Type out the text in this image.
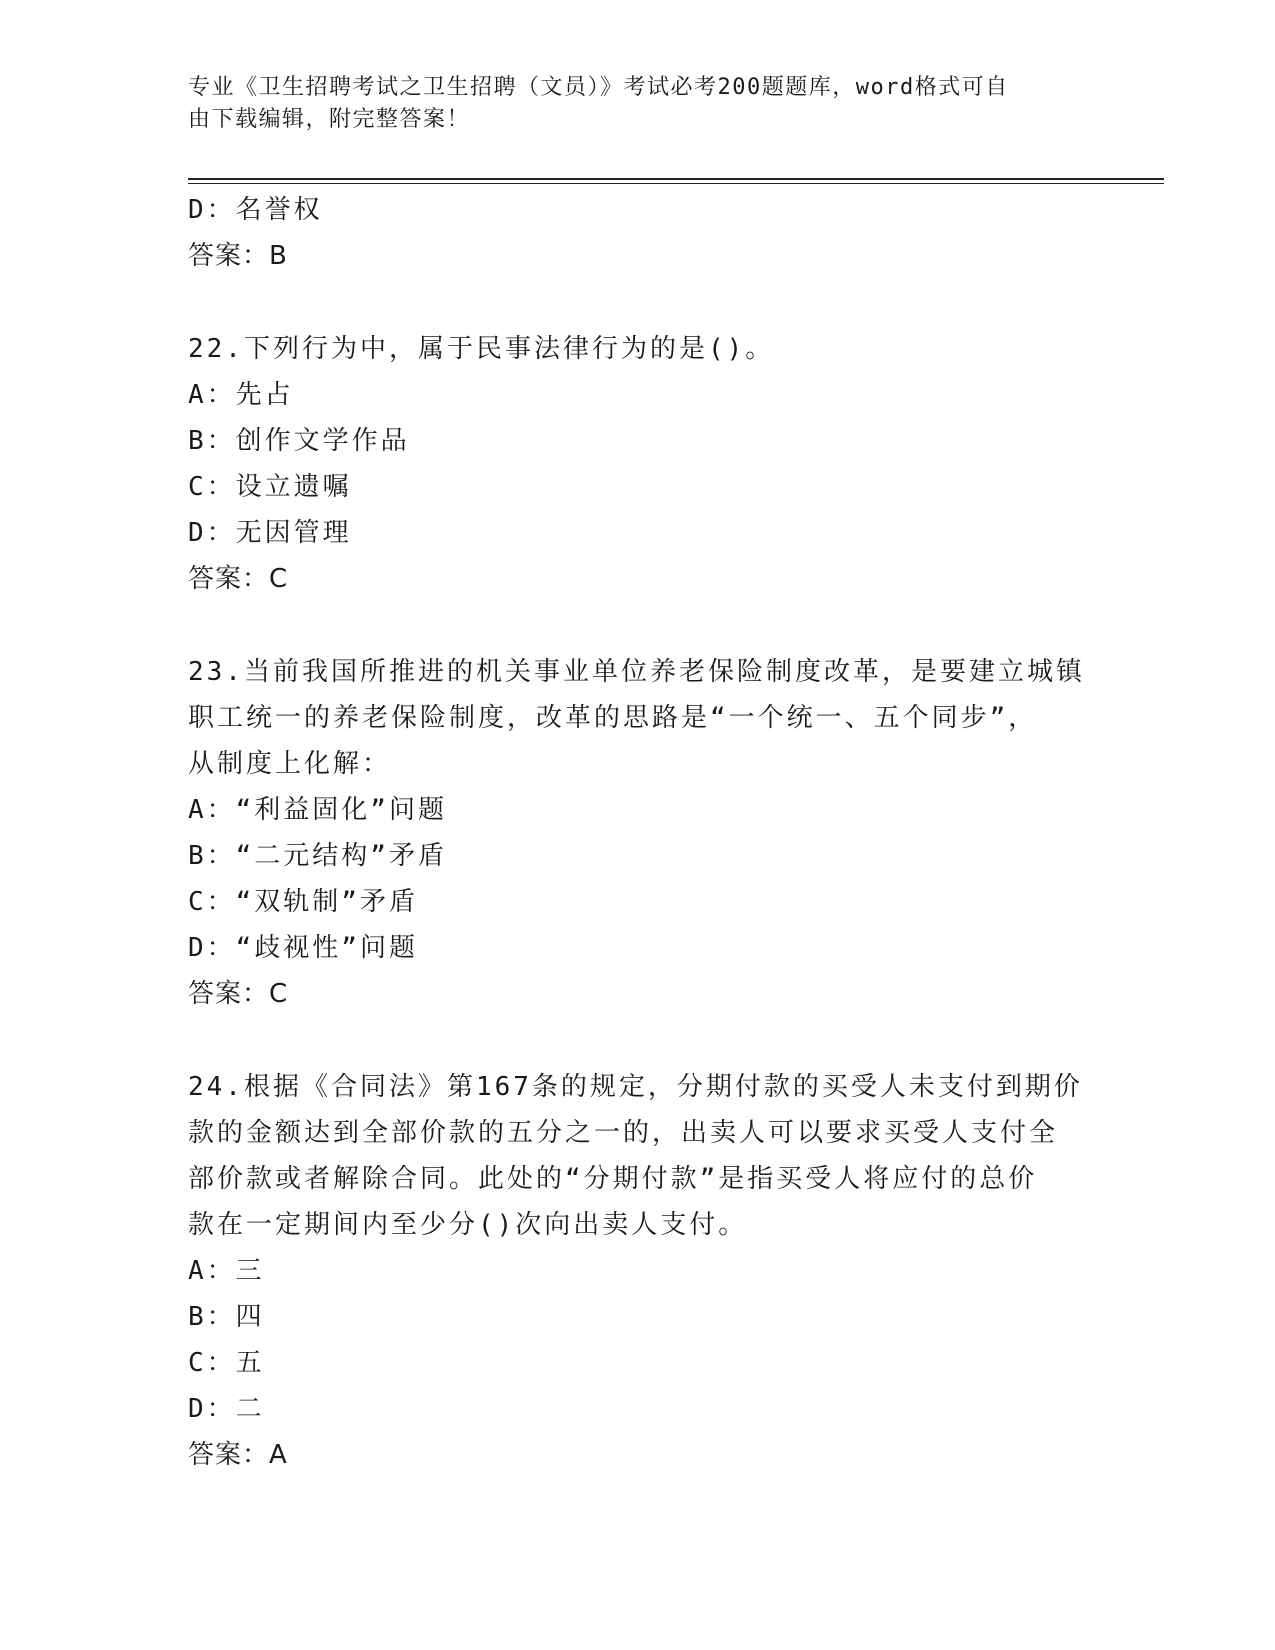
专业《卫生招聘考试之卫生招聘（文员）》考试必考200题题库，word格式可自
由下载编辑，附完整答案！
D：名誉权
答案：B
22.下列行为中，属于民事法律行为的是()。
A：先占
B：创作文学作品
C：设立遗嘱
D：无因管理
答案：C
23.当前我国所推进的机关事业单位养老保险制度改革，是要建立城镇
职工统一的养老保险制度，改革的思路是“一个统一、五个同步”，
从制度上化解：
A：“利益固化”问题
B：“二元结构”矛盾
C：“双轨制”矛盾
D：“歧视性”问题
答案：C
24.根据《合同法》第167条的规定，分期付款的买受人未支付到期价
款的金额达到全部价款的五分之一的，出卖人可以要求买受人支付全
部价款或者解除合同。此处的“分期付款”是指买受人将应付的总价
款在一定期间内至少分()次向出卖人支付。
A：三
B：四
C：五
D：二
答案：A
